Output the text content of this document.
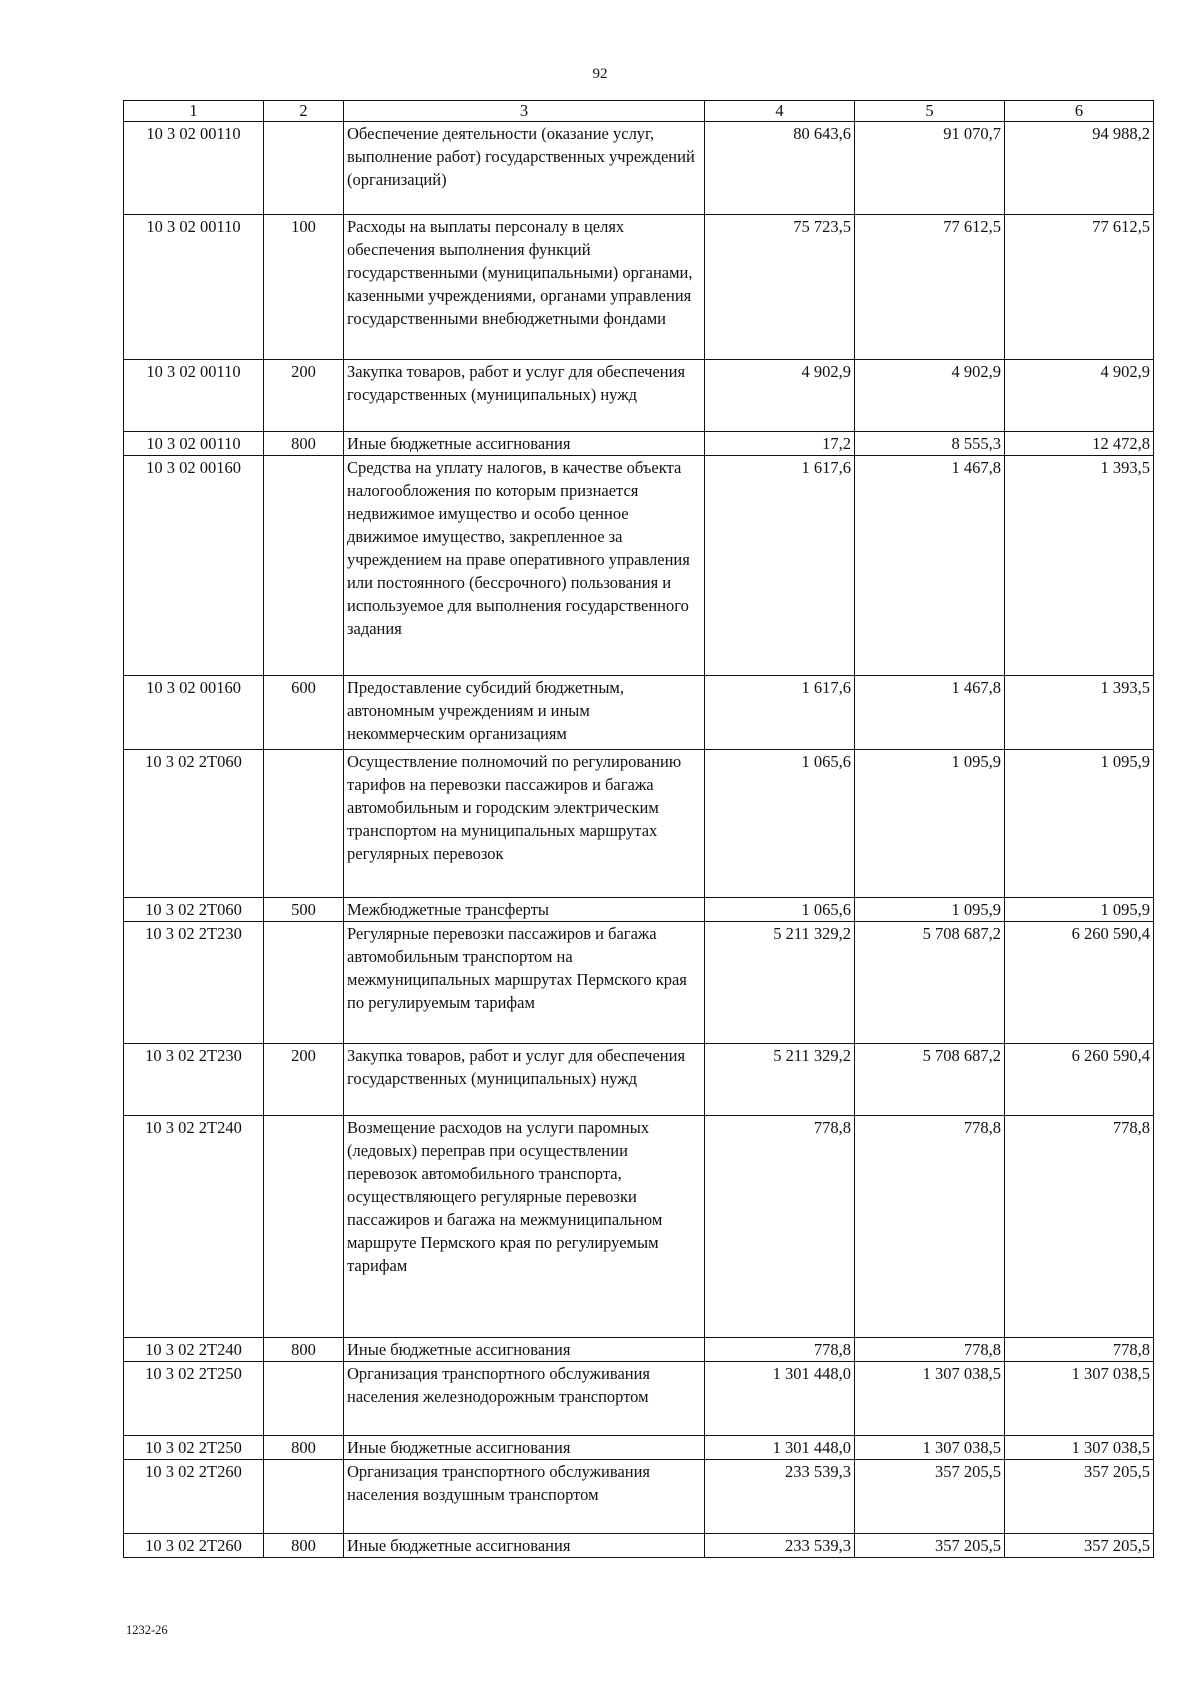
92
1	2	3	4	5	6
10 3 02 00110		Обеспечение деятельности (оказание услуг, выполнение работ) государственных учреждений (организаций)	80 643,6	91 070,7	94 988,2
10 3 02 00110	100	Расходы на выплаты персоналу в целях обеспечения выполнения функций государственными (муниципальными) органами, казенными учреждениями, органами управления государственными внебюджетными фондами	75 723,5	77 612,5	77 612,5
10 3 02 00110	200	Закупка товаров, работ и услуг для обеспечения государственных (муниципальных) нужд	4 902,9	4 902,9	4 902,9
10 3 02 00110	800	Иные бюджетные ассигнования	17,2	8 555,3	12 472,8
10 3 02 00160		Средства на уплату налогов, в качестве объекта налогообложения по которым признается недвижимое имущество и особо ценное движимое имущество, закрепленное за учреждением на праве оперативного управления или постоянного (бессрочного) пользования и используемое для выполнения государственного задания	1 617,6	1 467,8	1 393,5
10 3 02 00160	600	Предоставление субсидий бюджетным, автономным учреждениям и иным некоммерческим организациям	1 617,6	1 467,8	1 393,5
10 3 02 2Т060		Осуществление полномочий по регулированию тарифов на перевозки пассажиров и багажа автомобильным и городским электрическим транспортом на муниципальных маршрутах регулярных перевозок	1 065,6	1 095,9	1 095,9
10 3 02 2Т060	500	Межбюджетные трансферты	1 065,6	1 095,9	1 095,9
10 3 02 2Т230		Регулярные перевозки пассажиров и багажа автомобильным транспортом на межмуниципальных маршрутах Пермского края по регулируемым тарифам	5 211 329,2	5 708 687,2	6 260 590,4
10 3 02 2Т230	200	Закупка товаров, работ и услуг для обеспечения государственных (муниципальных) нужд	5 211 329,2	5 708 687,2	6 260 590,4
10 3 02 2Т240		Возмещение расходов на услуги паромных (ледовых) переправ при осуществлении перевозок автомобильного транспорта, осуществляющего регулярные перевозки пассажиров и багажа на межмуниципальном маршруте Пермского края по регулируемым тарифам	778,8	778,8	778,8
10 3 02 2Т240	800	Иные бюджетные ассигнования	778,8	778,8	778,8
10 3 02 2Т250		Организация транспортного обслуживания населения железнодорожным транспортом	1 301 448,0	1 307 038,5	1 307 038,5
10 3 02 2Т250	800	Иные бюджетные ассигнования	1 301 448,0	1 307 038,5	1 307 038,5
10 3 02 2Т260		Организация транспортного обслуживания населения воздушным транспортом	233 539,3	357 205,5	357 205,5
10 3 02 2Т260	800	Иные бюджетные ассигнования	233 539,3	357 205,5	357 205,5
1232-26
